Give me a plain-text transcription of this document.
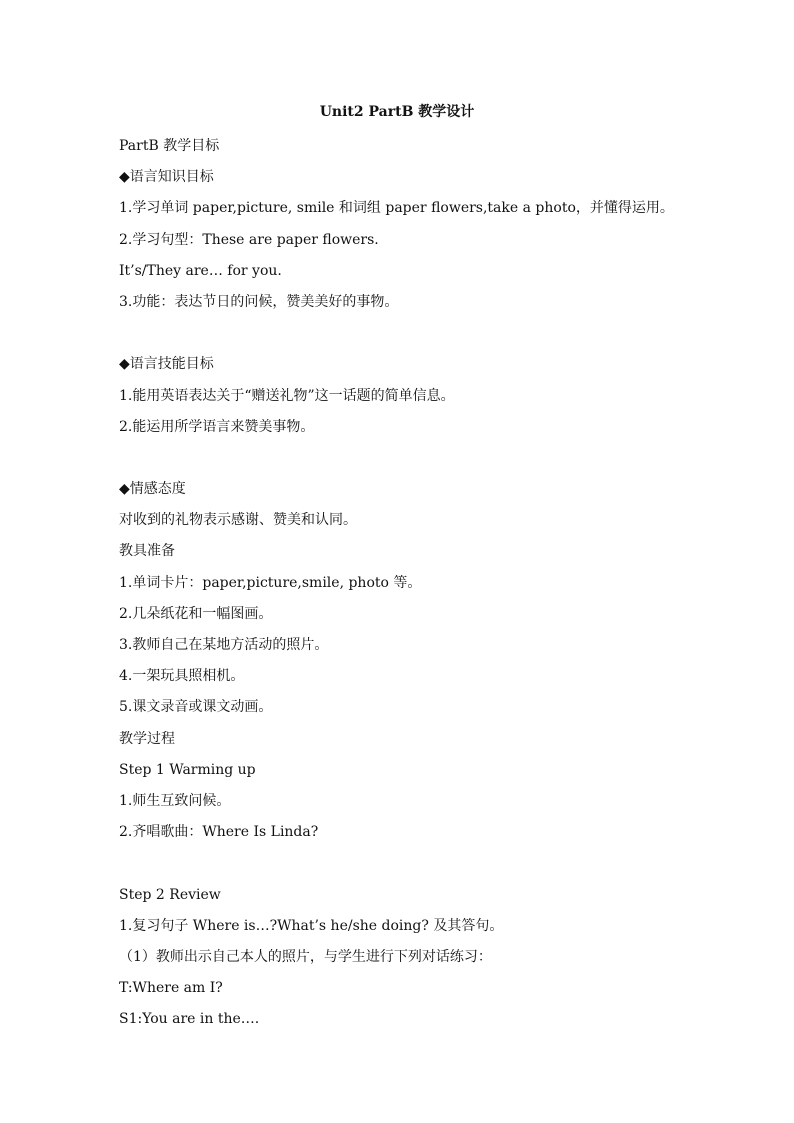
Unit2 PartB 教学设计
PartB 教学目标
◆语言知识目标
1.学习单词 paper,picture, smile 和词组 paper flowers,take a photo，并懂得运用。
2.学习句型：These are paper flowers.
It’s/They are… for you.
3.功能：表达节日的问候，赞美美好的事物。
◆语言技能目标
1.能用英语表达关于“赠送礼物”这一话题的简单信息。
2.能运用所学语言来赞美事物。
◆情感态度
对收到的礼物表示感谢、赞美和认同。
教具准备
1.单词卡片：paper,picture,smile, photo 等。
2.几朵纸花和一幅图画。
3.教师自己在某地方活动的照片。
4.一架玩具照相机。
5.课文录音或课文动画。
教学过程
Step 1 Warming up
1.师生互致问候。
2.齐唱歌曲：Where Is Linda?
Step 2 Review
1.复习句子 Where is…?What’s he/she doing? 及其答句。
（1）教师出示自己本人的照片，与学生进行下列对话练习：
T:Where am I?
S1:You are in the….
